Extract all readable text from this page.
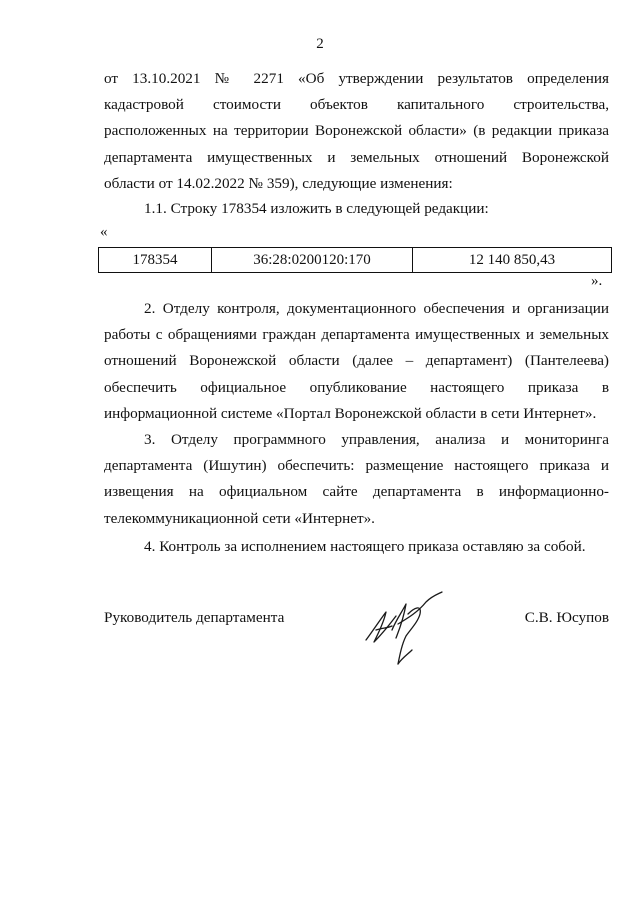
2
от 13.10.2021 № 2271 «Об утверждении результатов определения
кадастровой стоимости объектов капитального строительства,
расположенных на территории Воронежской области» (в редакции приказа
департамента имущественных и земельных отношений Воронежской
области от 14.02.2022 № 359), следующие изменения:
1.1. Строку 178354 изложить в следующей редакции:
«
178354	36:28:0200120:170	12 140 850,43
».
2. Отделу контроля, документационного обеспечения и организации
работы с обращениями граждан департамента имущественных и земельных
отношений Воронежской области (далее – департамент) (Пантелеева)
обеспечить официальное опубликование настоящего приказа в
информационной системе «Портал Воронежской области в сети Интернет».
3. Отделу программного управления, анализа и мониторинга
департамента (Ишутин) обеспечить: размещение настоящего приказа и
извещения на официальном сайте департамента в информационно-
телекоммуникационной сети «Интернет».
4. Контроль за исполнением настоящего приказа оставляю за собой.
Руководитель департамента	С.В. Юсупов
